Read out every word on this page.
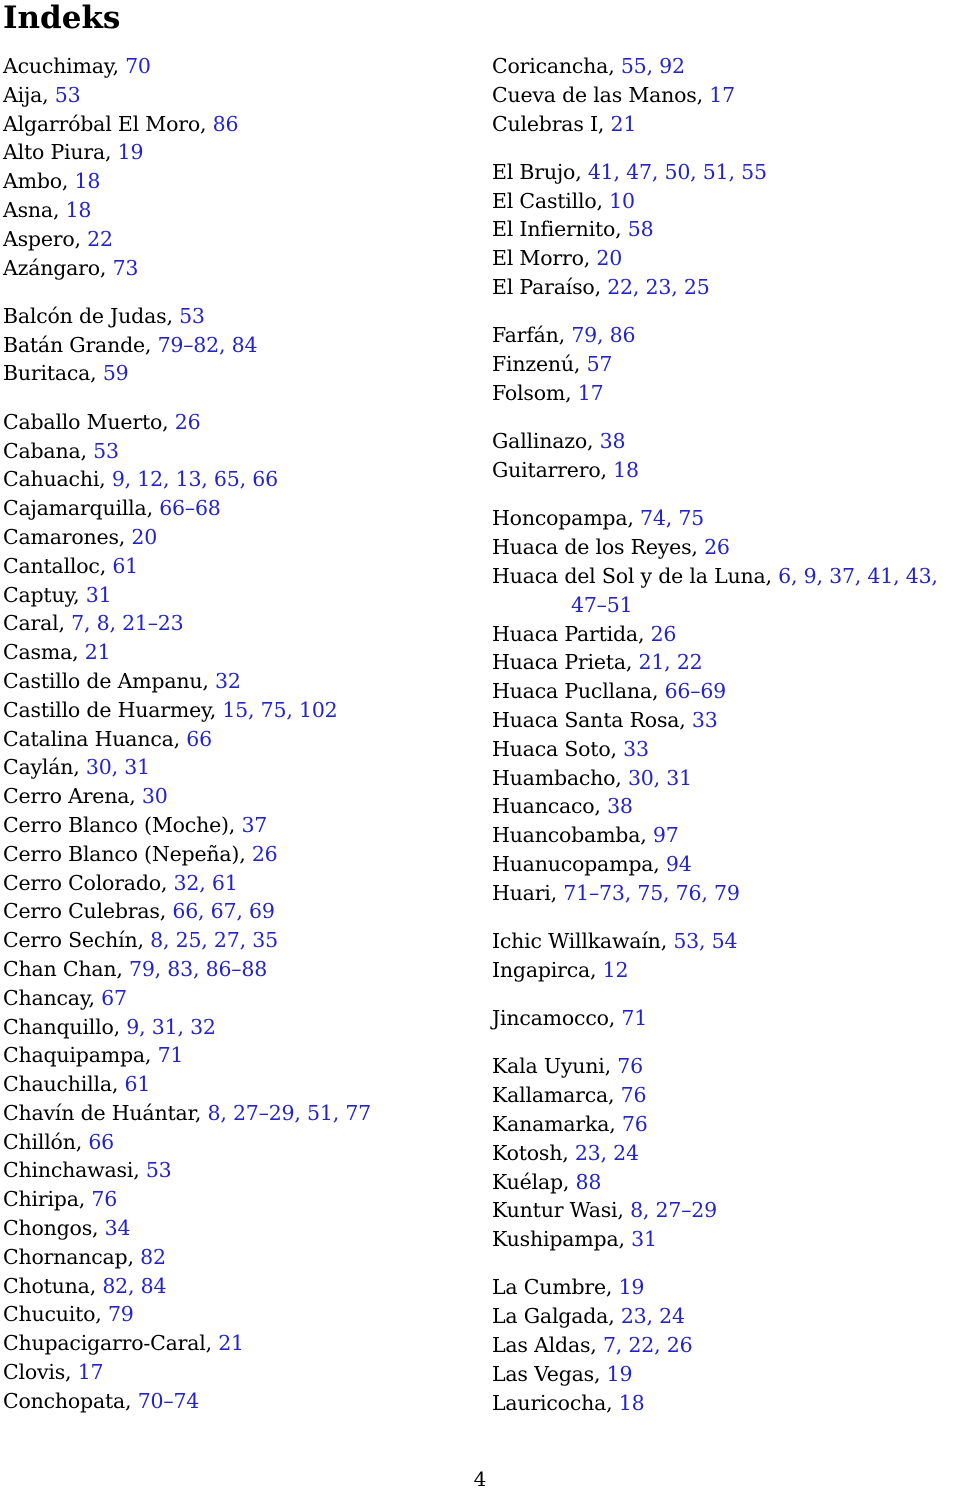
Indeks
Acuchimay, 70
Aija, 53
Algarróbal El Moro, 86
Alto Piura, 19
Ambo, 18
Asna, 18
Aspero, 22
Azángaro, 73
Balcón de Judas, 53
Batán Grande, 79–82, 84
Buritaca, 59
Caballo Muerto, 26
Cabana, 53
Cahuachi, 9, 12, 13, 65, 66
Cajamarquilla, 66–68
Camarones, 20
Cantalloc, 61
Captuy, 31
Caral, 7, 8, 21–23
Casma, 21
Castillo de Ampanu, 32
Castillo de Huarmey, 15, 75, 102
Catalina Huanca, 66
Caylán, 30, 31
Cerro Arena, 30
Cerro Blanco (Moche), 37
Cerro Blanco (Nepeña), 26
Cerro Colorado, 32, 61
Cerro Culebras, 66, 67, 69
Cerro Sechín, 8, 25, 27, 35
Chan Chan, 79, 83, 86–88
Chancay, 67
Chanquillo, 9, 31, 32
Chaquipampa, 71
Chauchilla, 61
Chavín de Huántar, 8, 27–29, 51, 77
Chillón, 66
Chinchawasi, 53
Chiripa, 76
Chongos, 34
Chornancap, 82
Chotuna, 82, 84
Chucuito, 79
Chupacigarro-Caral, 21
Clovis, 17
Conchopata, 70–74
Coricancha, 55, 92
Cueva de las Manos, 17
Culebras I, 21
El Brujo, 41, 47, 50, 51, 55
El Castillo, 10
El Infiernito, 58
El Morro, 20
El Paraíso, 22, 23, 25
Farfán, 79, 86
Finzenú, 57
Folsom, 17
Gallinazo, 38
Guitarrero, 18
Honcopampa, 74, 75
Huaca de los Reyes, 26
Huaca del Sol y de la Luna, 6, 9, 37, 41, 43, 47–51
Huaca Partida, 26
Huaca Prieta, 21, 22
Huaca Pucllana, 66–69
Huaca Santa Rosa, 33
Huaca Soto, 33
Huambacho, 30, 31
Huancaco, 38
Huancobamba, 97
Huanucopampa, 94
Huari, 71–73, 75, 76, 79
Ichic Willkawaín, 53, 54
Ingapirca, 12
Jincamocco, 71
Kala Uyuni, 76
Kallamarca, 76
Kanamarka, 76
Kotosh, 23, 24
Kuélap, 88
Kuntur Wasi, 8, 27–29
Kushipampa, 31
La Cumbre, 19
La Galgada, 23, 24
Las Aldas, 7, 22, 26
Las Vegas, 19
Lauricocha, 18
4
